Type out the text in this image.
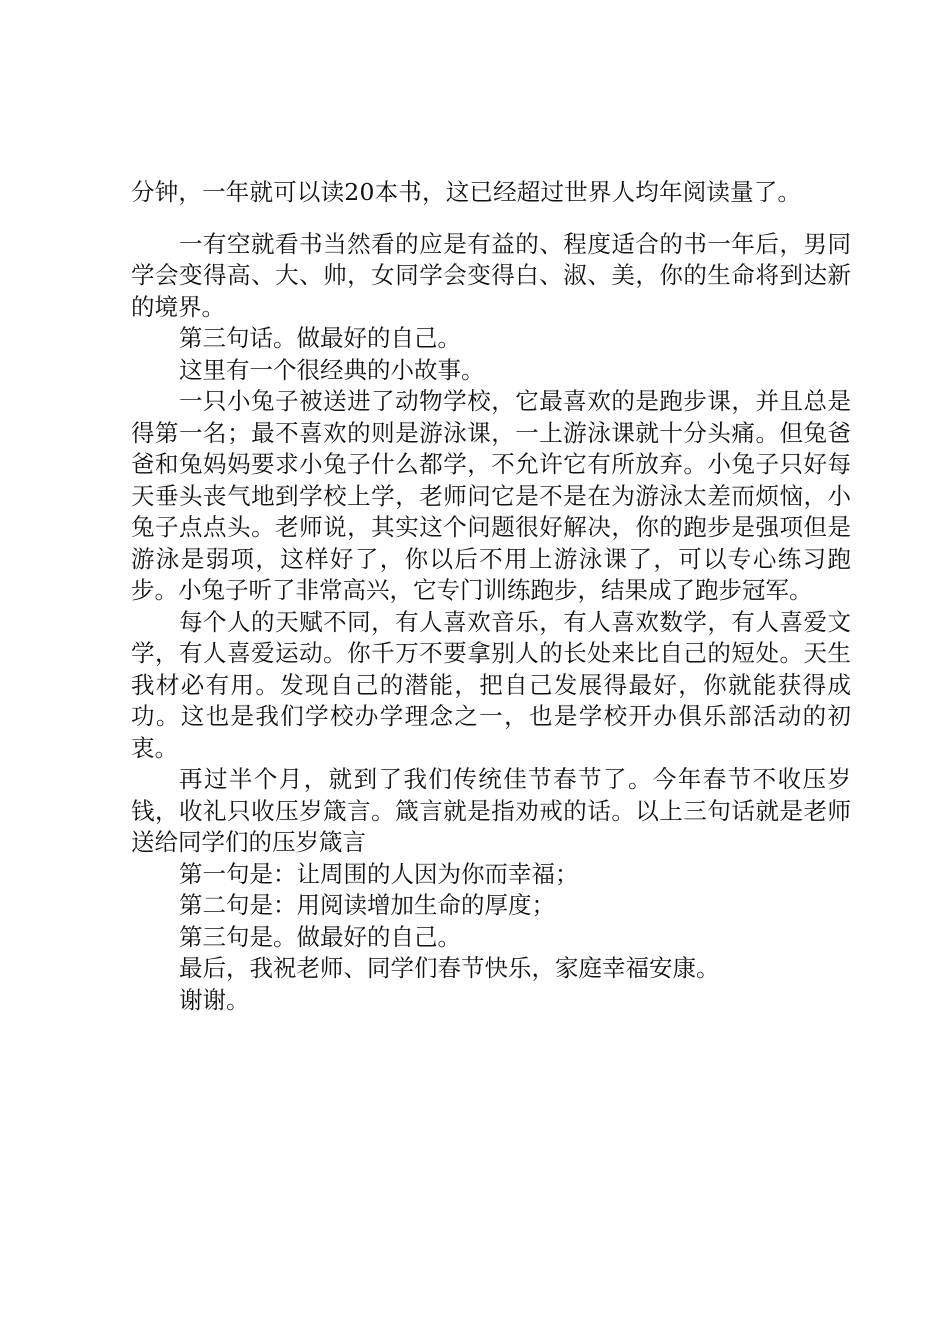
分钟，一年就可以读20本书，这已经超过世界人均年阅读量了。

一有空就看书当然看的应是有益的、程度适合的书一年后，男同学会变得高、大、帅，女同学会变得白、淑、美，你的生命将到达新的境界。

第三句话。做最好的自己。

这里有一个很经典的小故事。

一只小兔子被送进了动物学校，它最喜欢的是跑步课，并且总是得第一名；最不喜欢的则是游泳课，一上游泳课就十分头痛。但兔爸爸和兔妈妈要求小兔子什么都学，不允许它有所放弃。小兔子只好每天垂头丧气地到学校上学，老师问它是不是在为游泳太差而烦恼，小兔子点点头。老师说，其实这个问题很好解决，你的跑步是强项但是游泳是弱项，这样好了，你以后不用上游泳课了，可以专心练习跑步。小兔子听了非常高兴，它专门训练跑步，结果成了跑步冠军。

每个人的天赋不同，有人喜欢音乐，有人喜欢数学，有人喜爱文学，有人喜爱运动。你千万不要拿别人的长处来比自己的短处。天生我材必有用。发现自己的潜能，把自己发展得最好，你就能获得成功。这也是我们学校办学理念之一，也是学校开办俱乐部活动的初衷。

再过半个月，就到了我们传统佳节春节了。今年春节不收压岁钱，收礼只收压岁箴言。箴言就是指劝戒的话。以上三句话就是老师送给同学们的压岁箴言

第一句是：让周围的人因为你而幸福；

第二句是：用阅读增加生命的厚度；

第三句是。做最好的自己。

最后，我祝老师、同学们春节快乐，家庭幸福安康。

谢谢。
